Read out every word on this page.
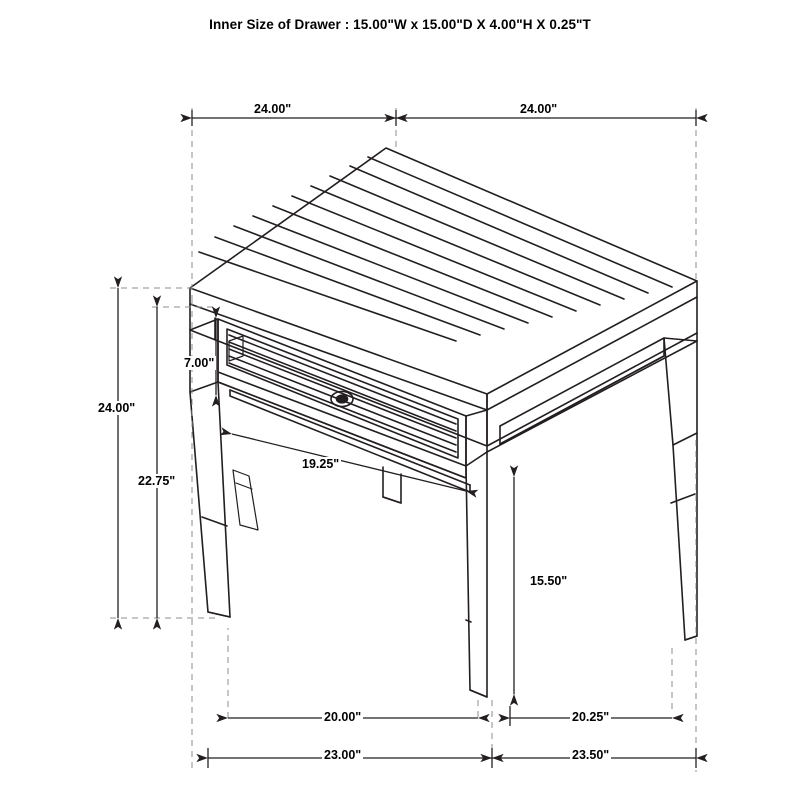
Inner Size of Drawer : 15.00"W x 15.00"D X 4.00"H X 0.25"T
24.00"	24.00"
7.00"
24.00"
22.75"
19.25"
15.50"
20.00"	20.25"
23.00"	23.50"
